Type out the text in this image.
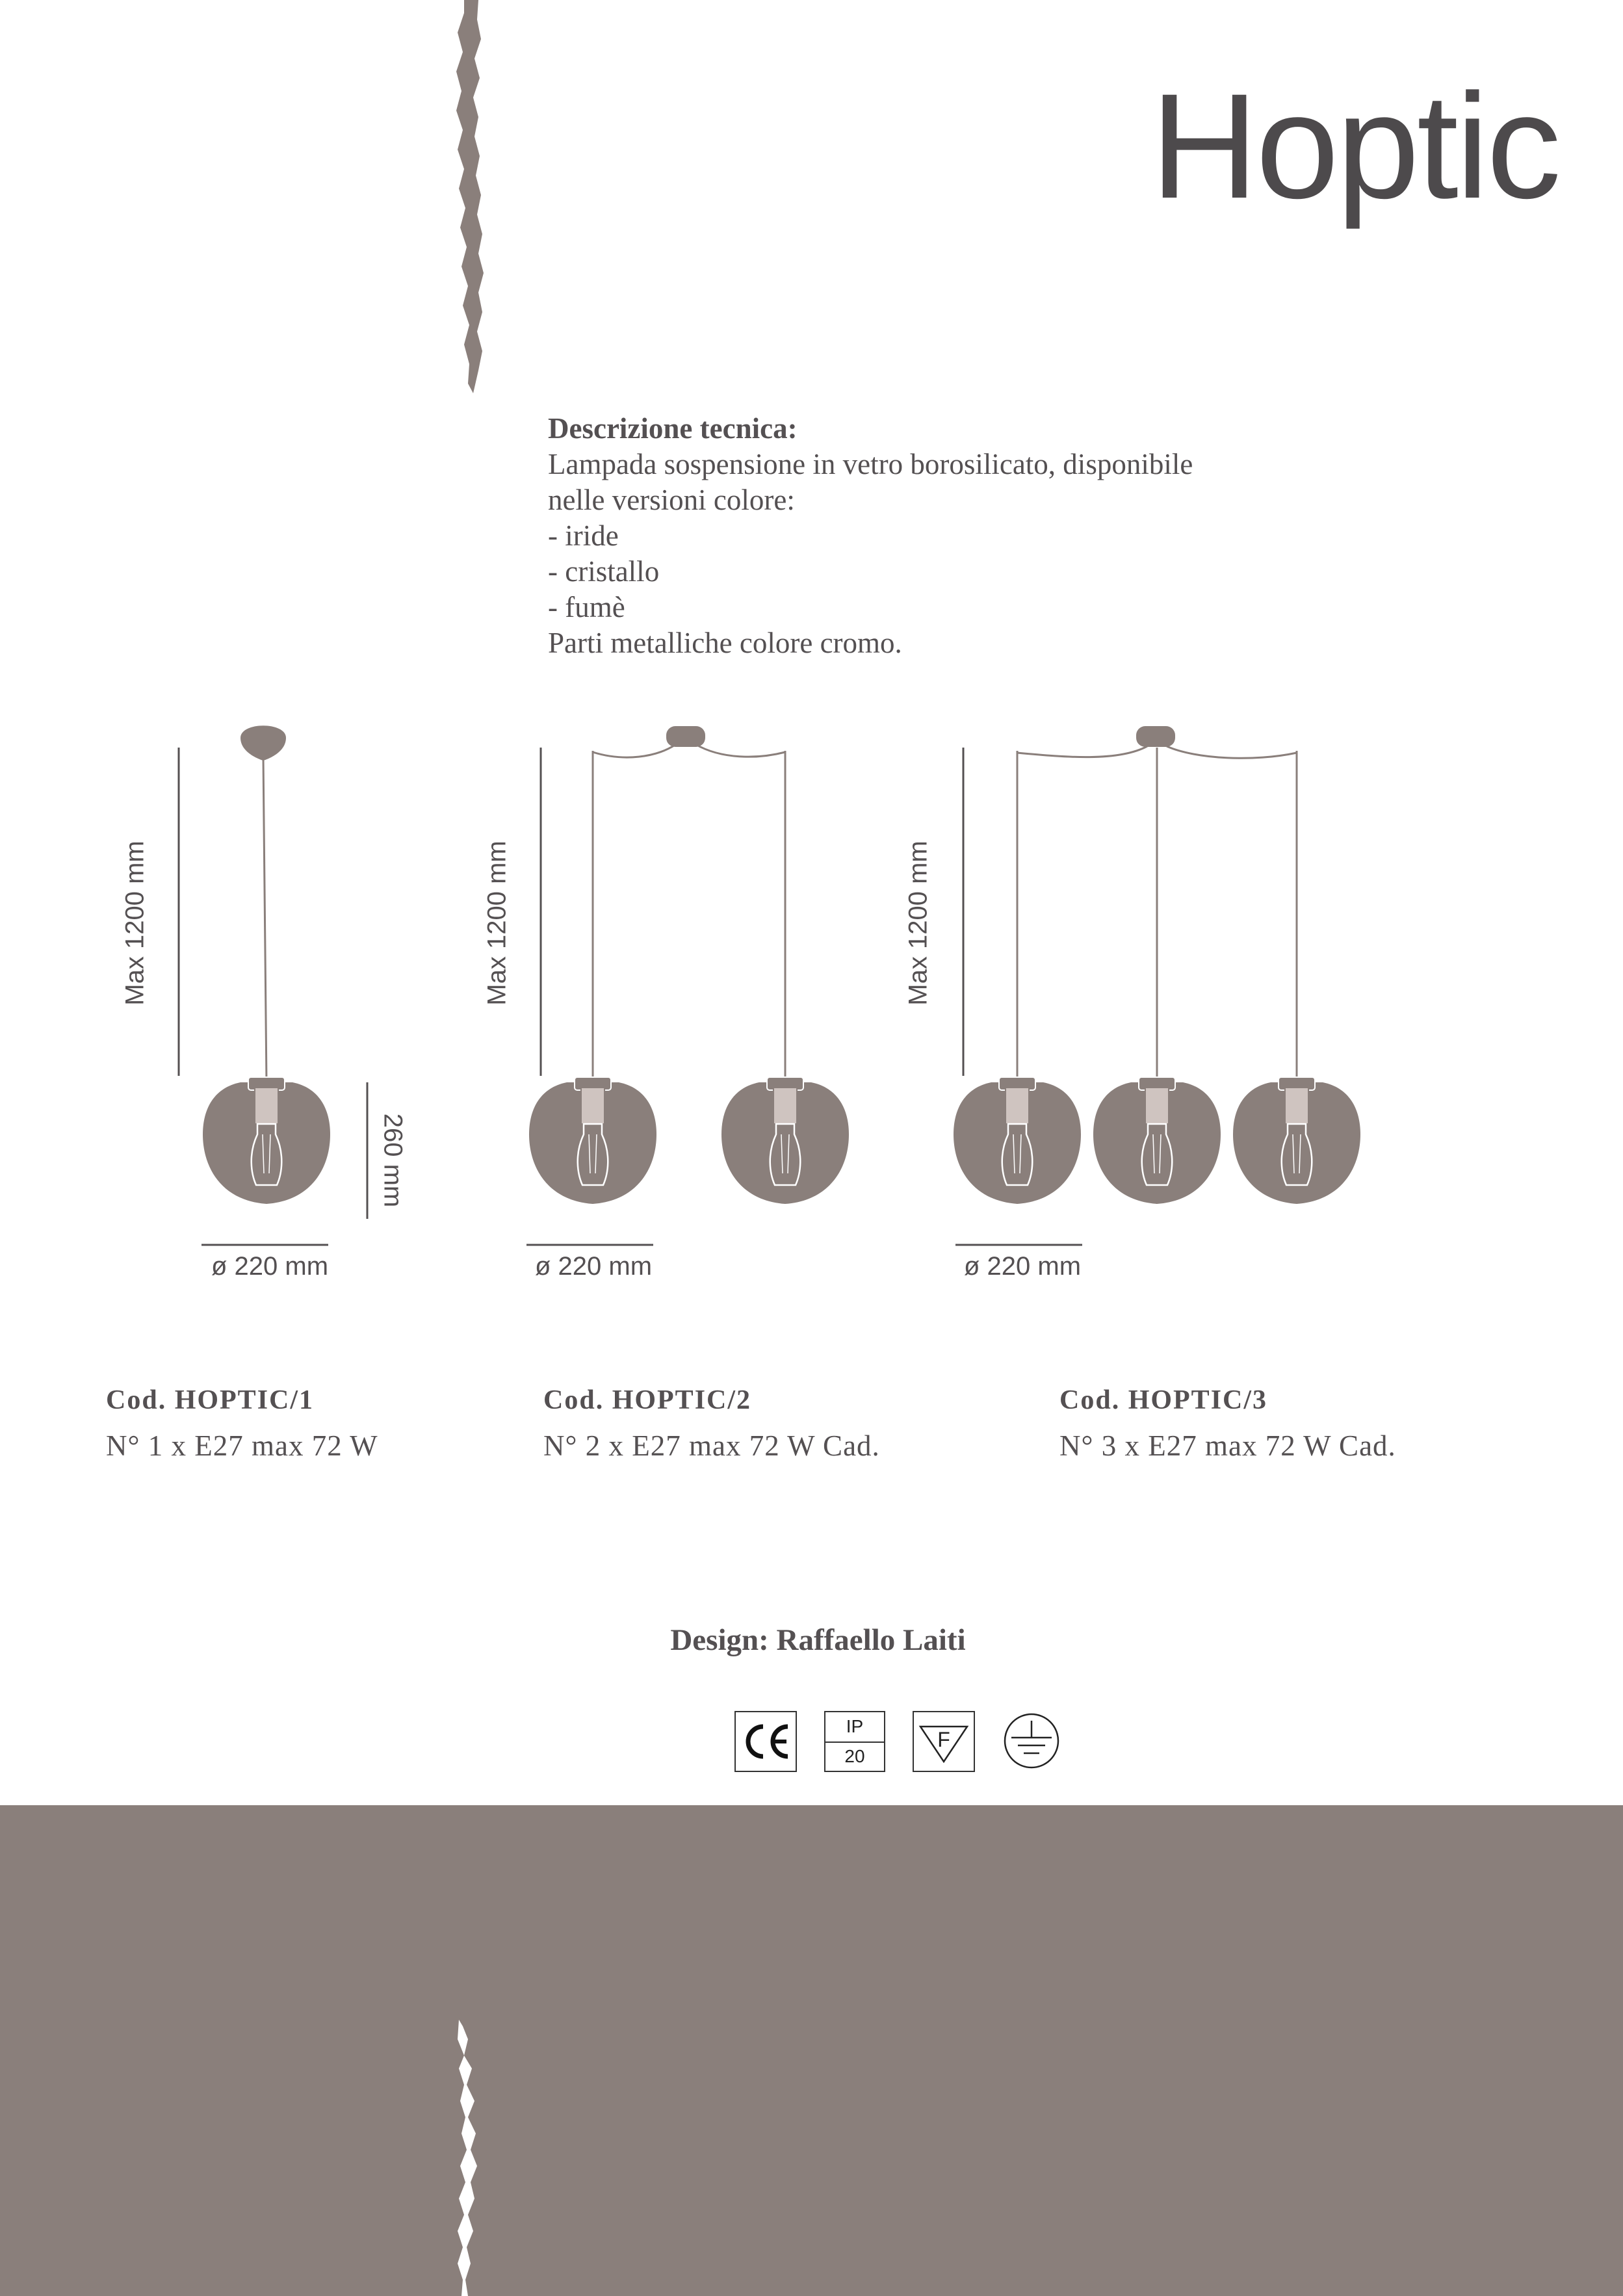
Hoptic
Descrizione tecnica:
Lampada sospensione in vetro borosilicato, disponibile
nelle versioni colore:
- iride
- cristallo
- fumè
Parti metalliche colore cromo.
Max 1200 mm
260 mm
ø 220 mm
Max 1200 mm
ø 220 mm
Max 1200 mm
ø 220 mm
Cod. HOPTIC/1
N° 1 x E27 max 72 W
Cod. HOPTIC/2
N° 2 x E27 max 72 W Cad.
Cod. HOPTIC/3
N° 3 x E27 max 72 W Cad.
Design: Raffaello Laiti
IP
20
F
